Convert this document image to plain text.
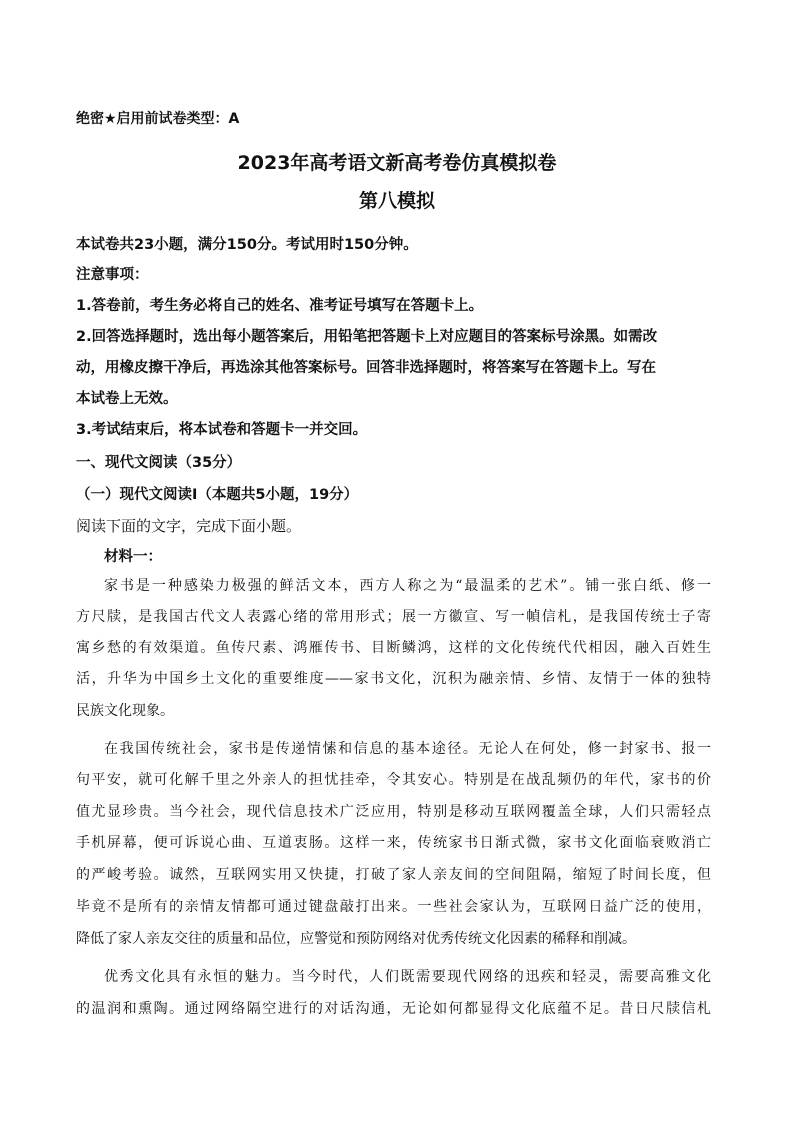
绝密★启用前试卷类型：A
2023年高考语文新高考卷仿真模拟卷
第八模拟
本试卷共23小题，满分150分。考试用时150分钟。
注意事项：
1.答卷前，考生务必将自己的姓名、准考证号填写在答题卡上。
2.回答选择题时，选出每小题答案后，用铅笔把答题卡上对应题目的答案标号涂黑。如需改
动，用橡皮擦干净后，再选涂其他答案标号。回答非选择题时，将答案写在答题卡上。写在
本试卷上无效。
3.考试结束后，将本试卷和答题卡一并交回。
一、现代文阅读（35分）
（一）现代文阅读Ⅰ（本题共5小题，19分）
阅读下面的文字，完成下面小题。
材料一：
家书是一种感染力极强的鲜活文本，西方人称之为“最温柔的艺术”。铺一张白纸、修一
方尺牍，是我国古代文人表露心绪的常用形式；展一方徽宣、写一幀信札，是我国传统士子寄
寓乡愁的有效渠道。鱼传尺素、鸿雁传书、目断鳞鸿，这样的文化传统代代相因，融入百姓生
活，升华为中国乡土文化的重要维度——家书文化，沉积为融亲情、乡情、友情于一体的独特
民族文化现象。
在我国传统社会，家书是传递情愫和信息的基本途径。无论人在何处，修一封家书、报一
句平安，就可化解千里之外亲人的担忧挂牵，令其安心。特别是在战乱频仍的年代，家书的价
值尤显珍贵。当今社会，现代信息技术广泛应用，特别是移动互联网覆盖全球，人们只需轻点
手机屏幕，便可诉说心曲、互道衷肠。这样一来，传统家书日渐式微，家书文化面临衰败消亡
的严峻考验。诚然，互联网实用又快捷，打破了家人亲友间的空间阻隔，缩短了时间长度，但
毕竟不是所有的亲情友情都可通过键盘敲打出来。一些社会家认为，互联网日益广泛的使用，
降低了家人亲友交往的质量和品位，应警觉和预防网络对优秀传统文化因素的稀释和削减。
优秀文化具有永恒的魅力。当今时代，人们既需要现代网络的迅疾和轻灵，需要高雅文化
的温润和熏陶。通过网络隔空进行的对话沟通，无论如何都显得文化底蕴不足。昔日尺牍信札
